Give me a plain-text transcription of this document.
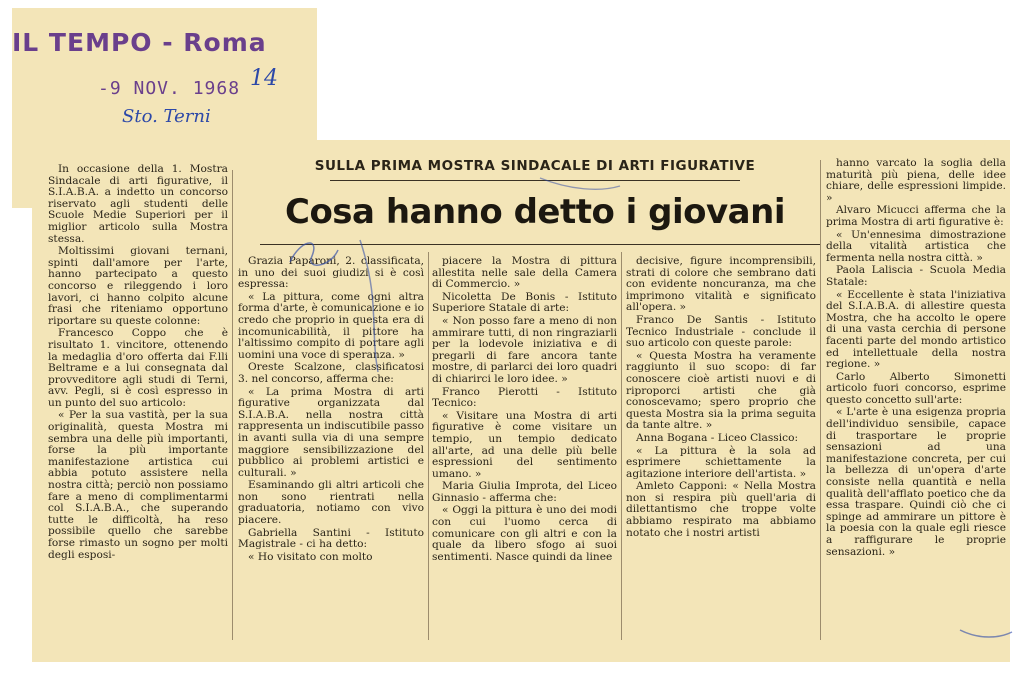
IL TEMPO - Roma
-9 NOV. 1968 14
Sto. Terni
SULLA PRIMA MOSTRA SINDACALE DI ARTI FIGURATIVE
Cosa hanno detto i giovani

In occasione della 1. Mostra Sindacale di arti figurative, il S.I.A.B.A. a indetto un concorso riservato agli studenti delle Scuole Medie Superiori per il miglior articolo sulla Mostra stessa.

Moltissimi giovani ternani, spinti dall'amore per l'arte, hanno partecipato a questo concorso e rileggendo i loro lavori, ci hanno colpito alcune frasi che riteniamo opportuno riportare su queste colonne:

Francesco Coppo che è risultato 1. vincitore, ottenendo la medaglia d'oro offerta dai F.lli Beltrame e a lui consegnata dal provveditore agli studi di Terni, avv. Pegli, si è così espresso in un punto del suo articolo:

« Per la sua vastità, per la sua originalità, questa Mostra mi sembra una delle più importanti, forse la più importante manifestazione artistica cui abbia potuto assistere nella nostra città; perciò non possiamo fare a meno di complimentarmi col S.I.A.B.A., che superando tutte le difficoltà, ha reso possibile quello che sarebbe forse rimasto un sogno per molti degli esposi-

Grazia Paparoni, 2. classificata, in uno dei suoi giudizi si è così espressa:

« La pittura, come ogni altra forma d'arte, è comunicazione e io credo che proprio in questa era di incomunicabilità, il pittore ha l'altissimo compito di portare agli uomini una voce di speranza. »

Oreste Scalzone, classificatosi 3. nel concorso, afferma che:

« La prima Mostra di arti figurative organizzata dal S.I.A.B.A. nella nostra città rappresenta un indiscutibile passo in avanti sulla via di una sempre maggiore sensibilizzazione del pubblico ai problemi artistici e culturali. »

Esaminando gli altri articoli che non sono rientrati nella graduatoria, notiamo con vivo piacere.

Gabriella Santini - Istituto Magistrale - ci ha detto:

« Ho visitato con molto

piacere la Mostra di pittura allestita nelle sale della Camera di Commercio. »

Nicoletta De Bonis - Istituto Superiore Statale di arte:

« Non posso fare a meno di non ammirare tutti, di non ringraziarli per la lodevole iniziativa e di pregarli di fare ancora tante mostre, di parlarci dei loro quadri di chiarirci le loro idee. »

Franco Pierotti - Istituto Tecnico:

« Visitare una Mostra di arti figurative è come visitare un tempio, un tempio dedicato all'arte, ad una delle più belle espressioni del sentimento umano. »

Maria Giulia Improta, del Liceo Ginnasio - afferma che:

« Oggi la pittura è uno dei modi con cui l'uomo cerca di comunicare con gli altri e con la quale da libero sfogo ai suoi sentimenti. Nasce quindi da linee

decisive, figure incomprensibili, strati di colore che sembrano dati con evidente noncuranza, ma che imprimono vitalità e significato all'opera. »

Franco De Santis - Istituto Tecnico Industriale - conclude il suo articolo con queste parole:

« Questa Mostra ha veramente raggiunto il suo scopo: di far conoscere cioè artisti nuovi e di riproporci artisti che già conoscevamo; spero proprio che questa Mostra sia la prima seguita da tante altre. »

Anna Bogana - Liceo Classico:

« La pittura è la sola ad esprimere schiettamente la agitazione interiore dell'artista. »

Amleto Capponi: « Nella Mostra non si respira più quell'aria di dilettantismo che troppe volte abbiamo respirato ma abbiamo notato che i nostri artisti

hanno varcato la soglia della maturità più piena, delle idee chiare, delle espressioni limpide. »

Alvaro Micucci afferma che la prima Mostra di arti figurative è:

« Un'ennesima dimostrazione della vitalità artistica che fermenta nella nostra città. »

Paola Laliscia - Scuola Media Statale:

« Eccellente è stata l'iniziativa del S.I.A.B.A. di allestire questa Mostra, che ha accolto le opere di una vasta cerchia di persone facenti parte del mondo artistico ed intellettuale della nostra regione. »

Carlo Alberto Simonetti articolo fuori concorso, esprime questo concetto sull'arte:

« L'arte è una esigenza propria dell'individuo sensibile, capace di trasportare le proprie sensazioni ad una manifestazione concreta, per cui la bellezza di un'opera d'arte consiste nella quantità e nella qualità dell'afflato poetico che da essa traspare. Quindi ciò che ci spinge ad ammirare un pittore è la poesia con la quale egli riesce a raffigurare le proprie sensazioni. »
